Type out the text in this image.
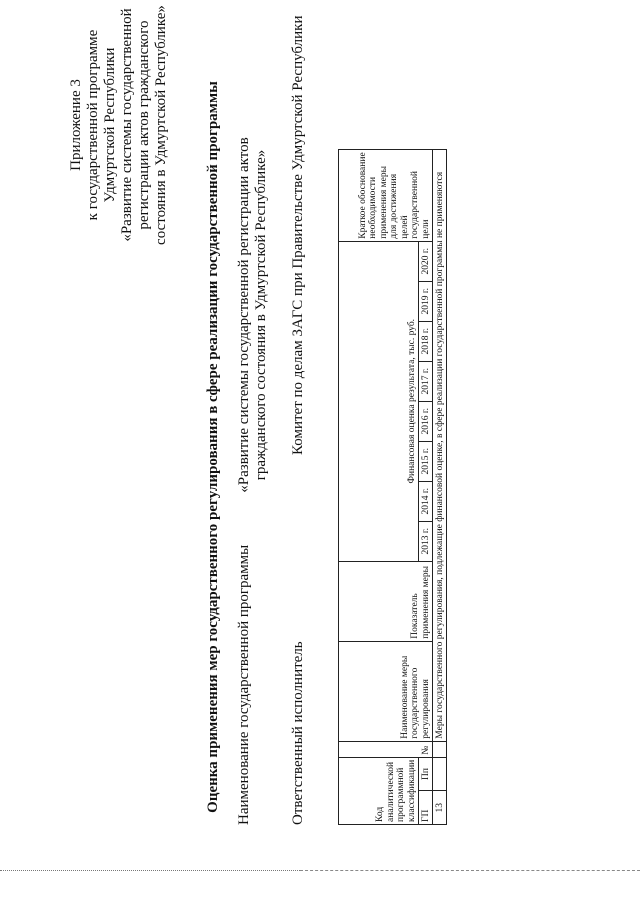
Приложение 3 к государственной программе Удмуртской Республики «Развитие системы государственной регистрации актов гражданского состояния в Удмуртской Республике» Оценка применения мер государственного регулирования в сфере реализации государственной программы Наименование государственной программы
«Развитие системы государственной регистрации актов гражданского состояния в Удмуртской Республике»
Ответственный исполнитель
Комитет по делам ЗАГС при Правительстве Удмуртской Республики
Код аналитической программной классификации		№	Наименование меры государственного регулирования	Показатель применения меры	Финансовая оценка результата, тыс. руб.								Краткое обоснование необходимости применения меры для достижения целей государственной цели

ГП	Пп				2013 г.	2014 г.	2015 г.	2016 г.	2017 г.	2018 г.	2019 г.	2020 г.	
13			Меры государственного регулирования, подлежащие финансовой оценке, в сфере реализации государственной программы не применяются										
